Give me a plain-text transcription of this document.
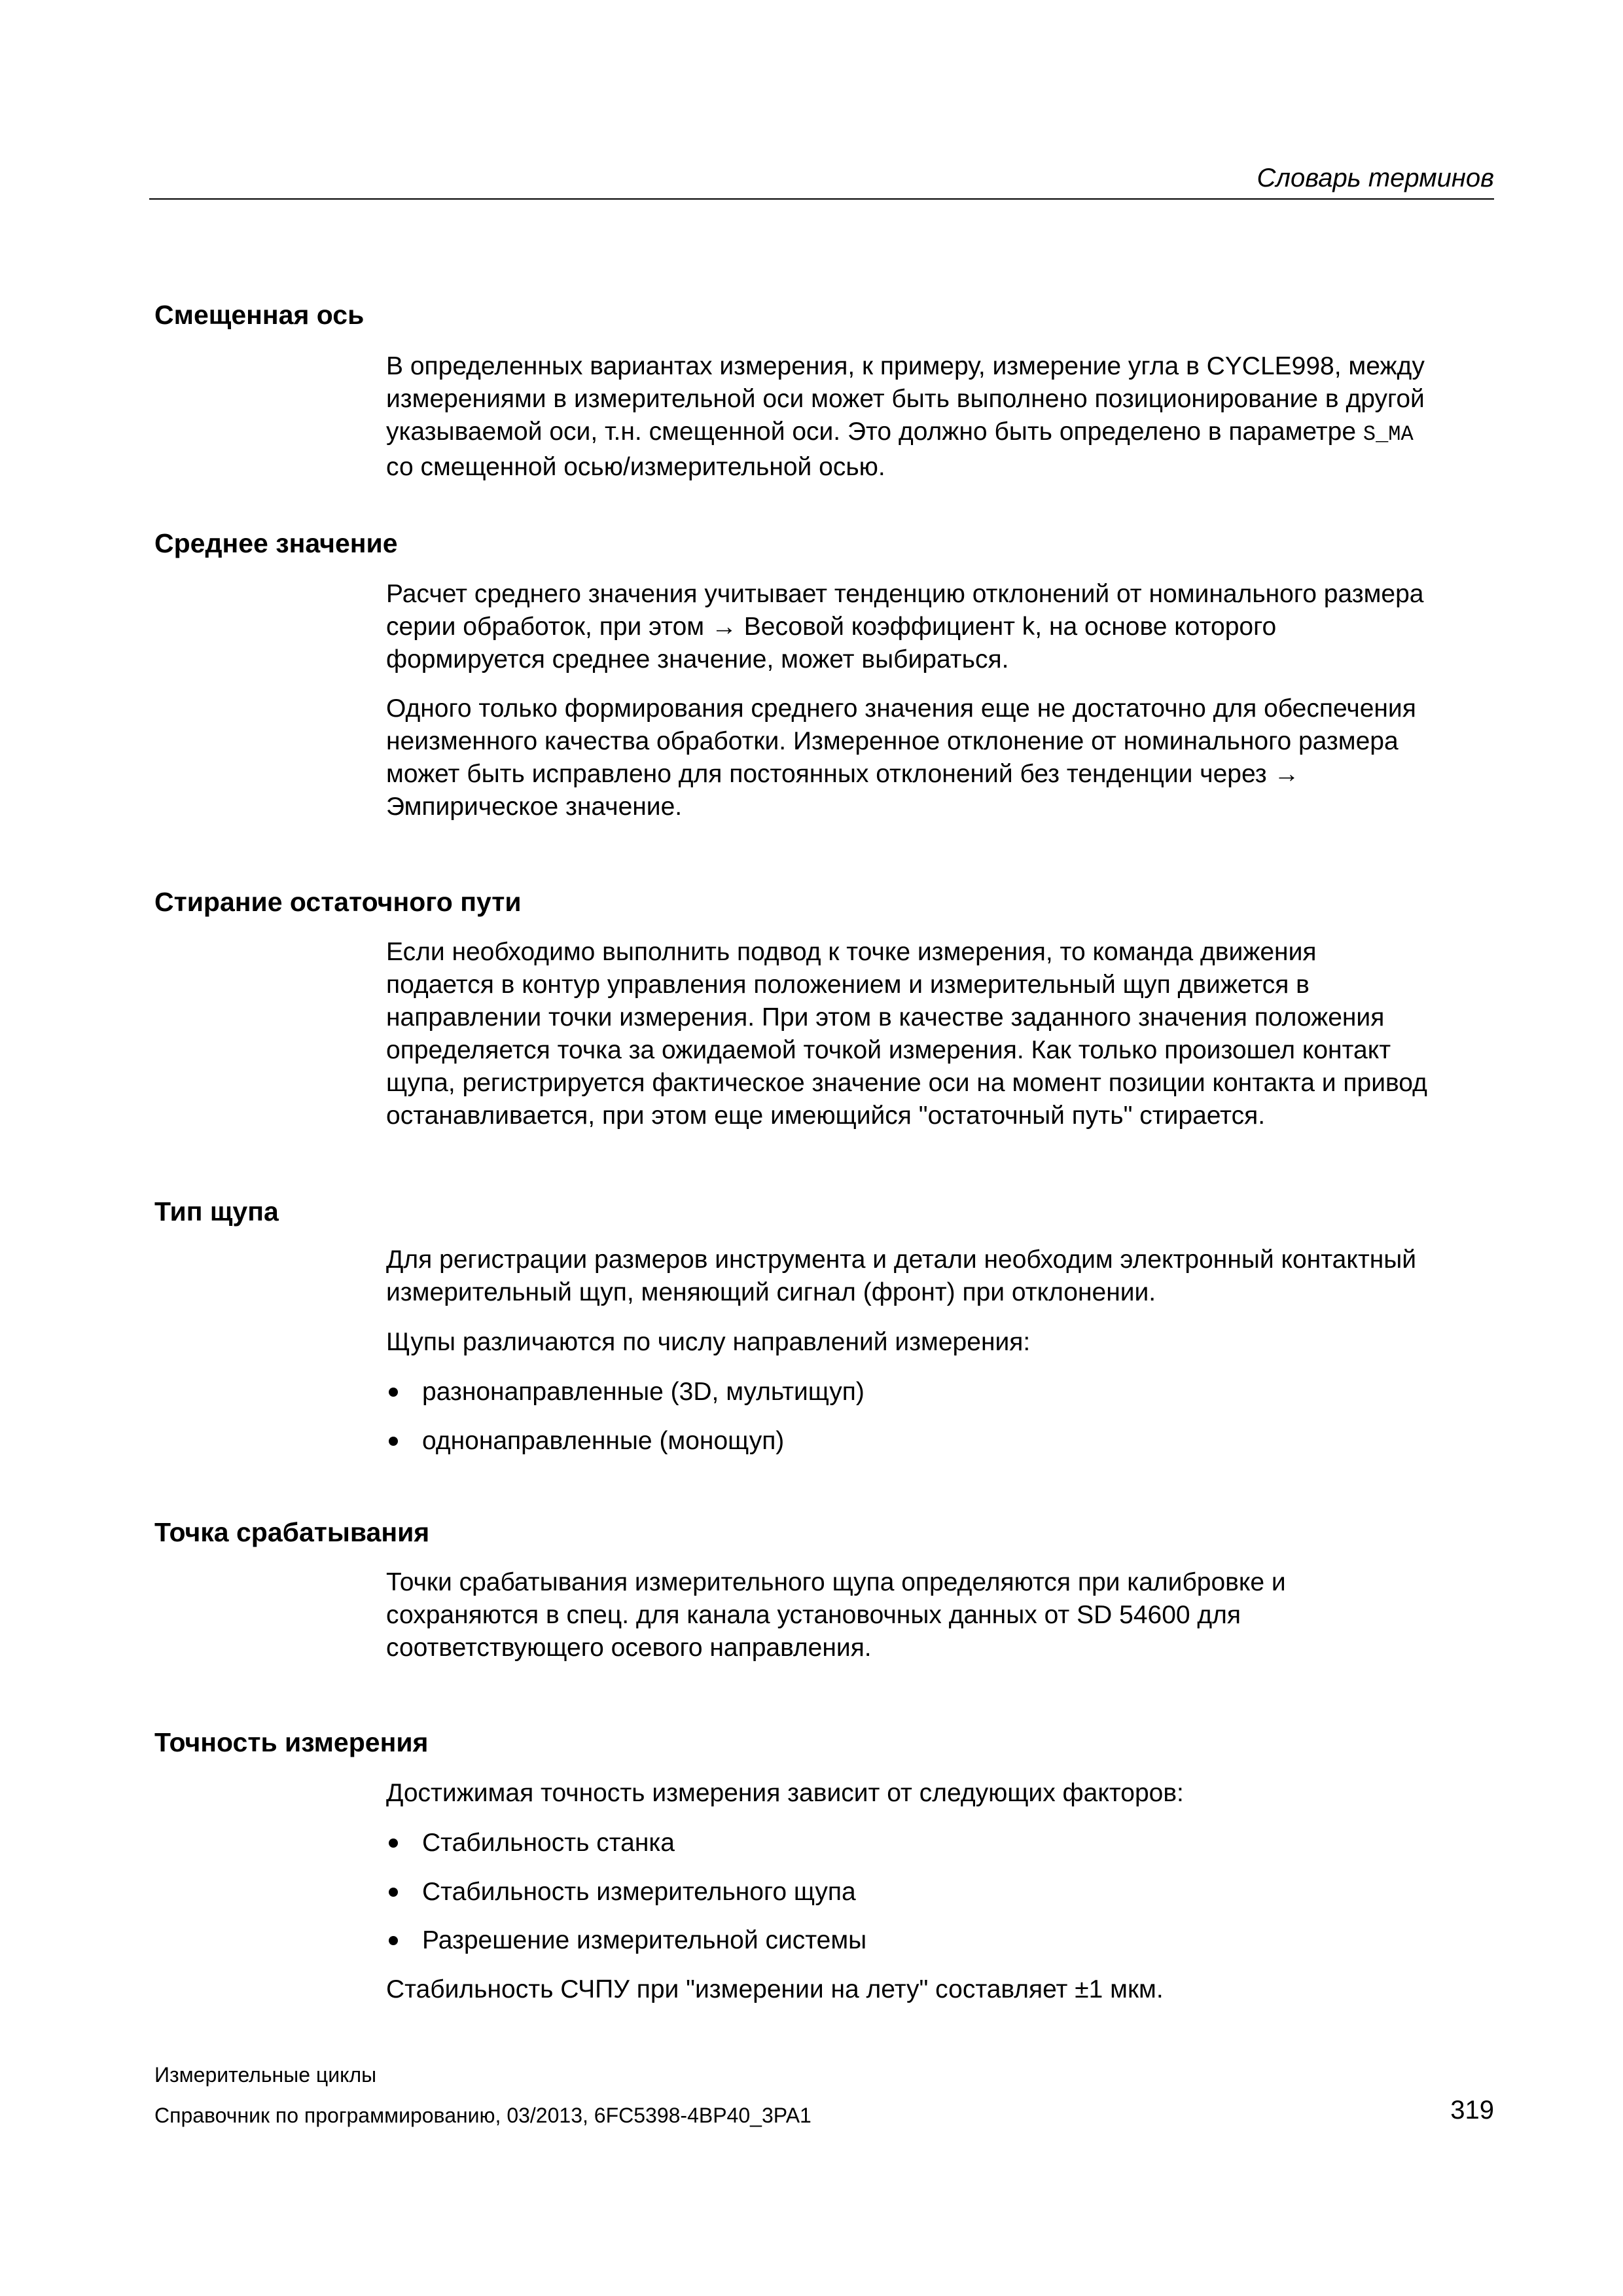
Словарь терминов
Смещенная ось
В определенных вариантах измерения, к примеру, измерение угла в CYCLE998, между
измерениями в измерительной оси может быть выполнено позиционирование в другой
указываемой оси, т.н. смещенной оси. Это должно быть определено в параметре S_MA
со смещенной осью/измерительной осью.
Среднее значение
Расчет среднего значения учитывает тенденцию отклонений от номинального размера
серии обработок, при этом → Весовой коэффициент k, на основе которого
формируется среднее значение, может выбираться.
Одного только формирования среднего значения еще не достаточно для обеспечения
неизменного качества обработки. Измеренное отклонение от номинального размера
может быть исправлено для постоянных отклонений без тенденции через →
Эмпирическое значение.
Стирание остаточного пути
Если необходимо выполнить подвод к точке измерения, то команда движения
подается в контур управления положением и измерительный щуп движется в
направлении точки измерения. При этом в качестве заданного значения положения
определяется точка за ожидаемой точкой измерения. Как только произошел контакт
щупа, регистрируется фактическое значение оси на момент позиции контакта и привод
останавливается, при этом еще имеющийся "остаточный путь" стирается.
Тип щупа
Для регистрации размеров инструмента и детали необходим электронный контактный
измерительный щуп, меняющий сигнал (фронт) при отклонении.
Щупы различаются по числу направлений измерения:
разнонаправленные (3D, мультищуп)
однонаправленные (монощуп)
Точка срабатывания
Точки срабатывания измерительного щупа определяются при калибровке и
сохраняются в спец. для канала установочных данных от SD 54600 для
соответствующего осевого направления.
Точность измерения
Достижимая точность измерения зависит от следующих факторов:
Стабильность станка
Стабильность измерительного щупа
Разрешение измерительной системы
Стабильность СЧПУ при "измерении на лету" составляет ±1 мкм.
Измерительные циклы
Справочник по программированию, 03/2013, 6FC5398-4BP40_3PA1	319
